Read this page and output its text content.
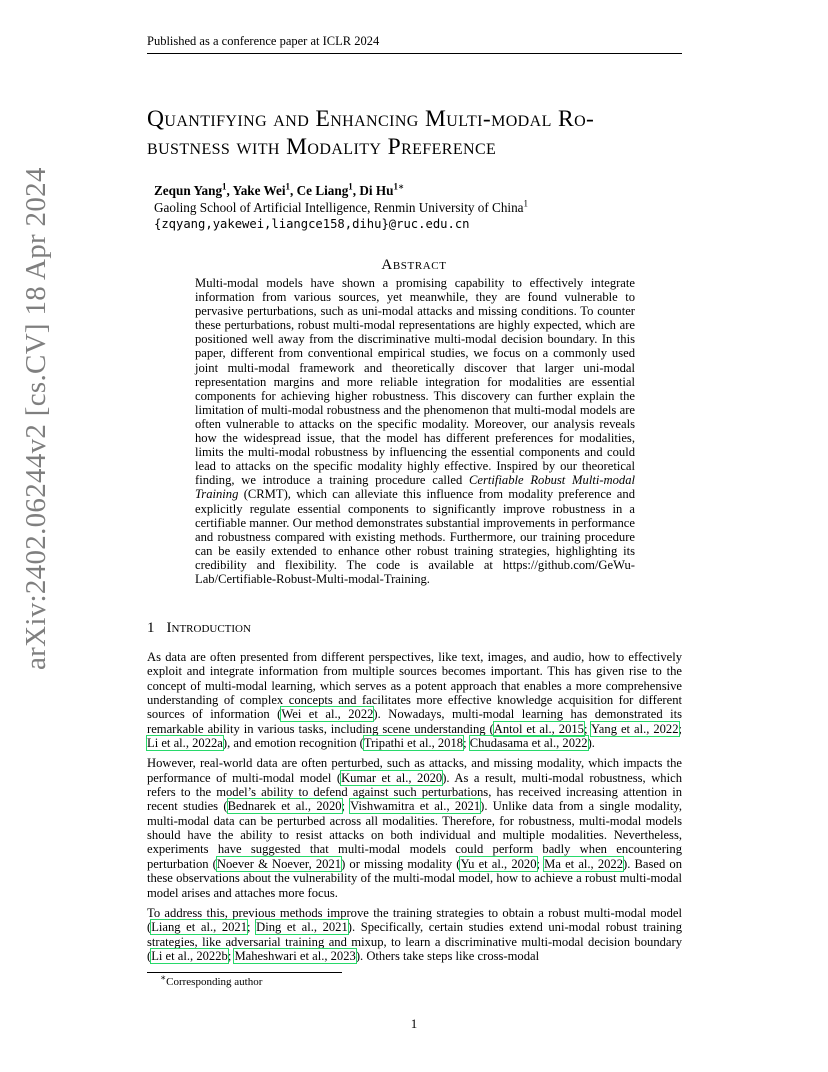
Published as a conference paper at ICLR 2024
arXiv:2402.06244v2 [cs.CV] 18 Apr 2024
Quantifying and Enhancing Multi-modal Ro-
bustness with Modality Preference
Zequn Yang$^1$, Yake Wei$^1$, Ce Liang$^1$, Di $Hu^{1∗}$
Gaoling School of Artificial Intelligence, Renmin University of China$^1$
{zqyang,yakewei,liangce158,dihu}@ruc.edu.cn
Abstract
Multi-modal models have shown a promising capability to effectively integrate information from various sources, yet meanwhile, they are found vulnerable to pervasive perturbations, such as uni-modal attacks and missing conditions. To counter these perturbations, robust multi-modal representations are highly expected, which are positioned well away from the discriminative multi-modal decision boundary. In this paper, different from conventional empirical studies, we focus on a commonly used joint multi-modal framework and theoretically discover that larger uni-modal representation margins and more reliable integration for modalities are essential components for achieving higher robustness. This discovery can further explain the limitation of multi-modal robustness and the phenomenon that multi-modal models are often vulnerable to attacks on the specific modality. Moreover, our analysis reveals how the widespread issue, that the model has different preferences for modalities, limits the multi-modal robustness by influencing the essential components and could lead to attacks on the specific modality highly effective. Inspired by our theoretical finding, we introduce a training procedure called Certifiable Robust Multi-modal Training (CRMT), which can alleviate this influence from modality preference and explicitly regulate essential components to significantly improve robustness in a certifiable manner. Our method demonstrates substantial improvements in performance and robustness compared with existing methods. Furthermore, our training procedure can be easily extended to enhance other robust training strategies, highlighting its credibility and flexibility. The code is available at https://github.com/GeWu-Lab/Certifiable-Robust-Multi-modal-Training.
1 Introduction

As data are often presented from different perspectives, like text, images, and audio, how to effectively exploit and integrate information from multiple sources becomes important. This has given rise to the concept of multi-modal learning, which serves as a potent approach that enables a more comprehensive understanding of complex concepts and facilitates more effective knowledge acquisition for different sources of information (Wei et al., 2022). Nowadays, multi-modal learning has demonstrated its remarkable ability in various tasks, including scene understanding (Antol et al., 2015; Yang et al., 2022; Li et al., 2022a), and emotion recognition (Tripathi et al., 2018; Chudasama et al., 2022).

However, real-world data are often perturbed, such as attacks, and missing modality, which impacts the performance of multi-modal model (Kumar et al., 2020). As a result, multi-modal robustness, which refers to the model’s ability to defend against such perturbations, has received increasing attention in recent studies (Bednarek et al., 2020; Vishwamitra et al., 2021). Unlike data from a single modality, multi-modal data can be perturbed across all modalities. Therefore, for robustness, multi-modal models should have the ability to resist attacks on both individual and multiple modalities. Nevertheless, experiments have suggested that multi-modal models could perform badly when encountering perturbation (Noever & Noever, 2021) or missing modality (Yu et al., 2020; Ma et al., 2022). Based on these observations about the vulnerability of the multi-modal model, how to achieve a robust multi-modal model arises and attaches more focus.

To address this, previous methods improve the training strategies to obtain a robust multi-modal model (Liang et al., 2021; Ding et al., 2021). Specifically, certain studies extend uni-modal robust training strategies, like adversarial training and mixup, to learn a discriminative multi-modal decision boundary (Li et al., 2022b; Maheshwari et al., 2023). Others take steps like cross-modal

∗Corresponding author
1
